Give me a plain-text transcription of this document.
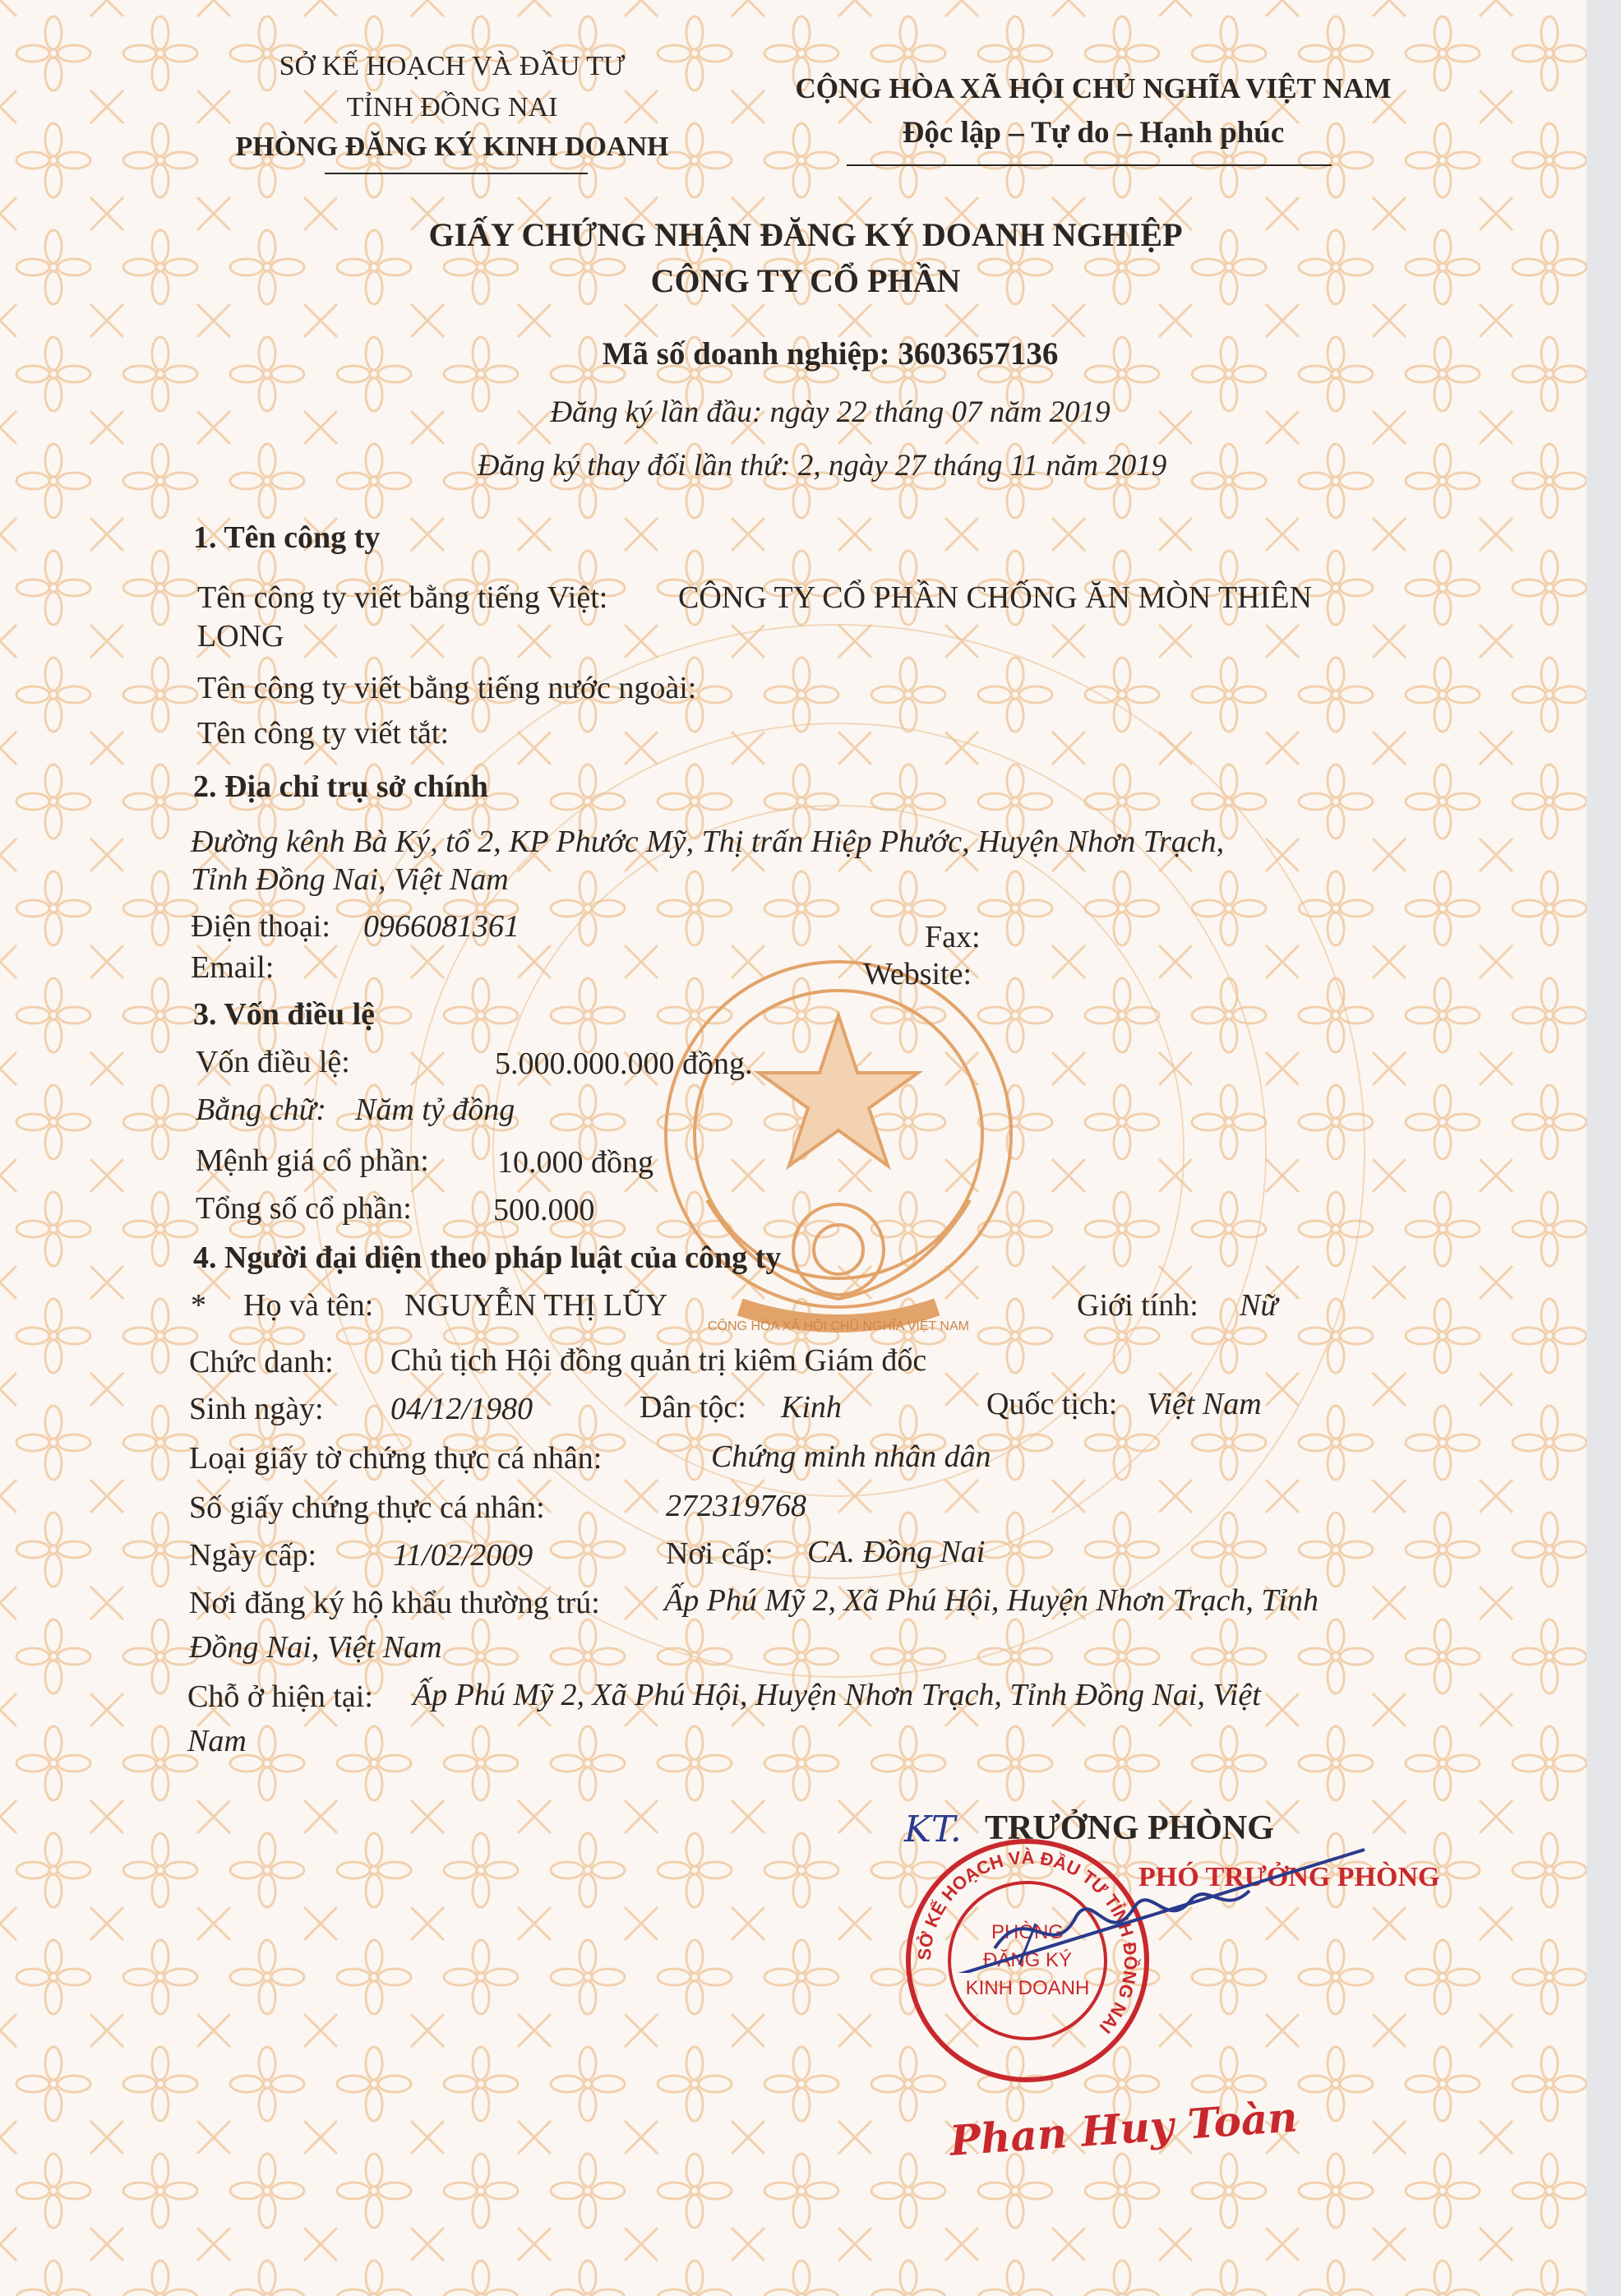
CỘNG HÒA XÃ HỘI CHỦ NGHĨA VIỆT NAM
SỞ KẾ HOẠCH VÀ ĐẦU TƯ
TỈNH ĐỒNG NAI
PHÒNG ĐĂNG KÝ KINH DOANH
CỘNG HÒA XÃ HỘI CHỦ NGHĨA VIỆT NAM
Độc lập – Tự do – Hạnh phúc
GIẤY CHỨNG NHẬN ĐĂNG KÝ DOANH NGHIỆP
CÔNG TY CỔ PHẦN
Mã số doanh nghiệp: 3603657136
Đăng ký lần đầu: ngày 22 tháng 07 năm 2019
Đăng ký thay đổi lần thứ: 2, ngày 27 tháng 11 năm 2019
1. Tên công ty
Tên công ty viết bằng tiếng Việt: CÔNG TY CỔ PHẦN CHỐNG ĂN MÒN THIÊN
LONG
Tên công ty viết bằng tiếng nước ngoài:
Tên công ty viết tắt:
2. Địa chỉ trụ sở chính
Đường kênh Bà Ký, tổ 2, KP Phước Mỹ, Thị trấn Hiệp Phước, Huyện Nhơn Trạch,
Tỉnh Đồng Nai, Việt Nam
Điện thoại: 0966081361	Fax:
Email:	Website:
3. Vốn điều lệ
Vốn điều lệ:	5.000.000.000 đồng.
Bằng chữ: Năm tỷ đồng
Mệnh giá cổ phần: 10.000 đồng
Tổng số cổ phần:	500.000
4. Người đại diện theo pháp luật của công ty
* Họ và tên: NGUYỄN THỊ LŨY	Giới tính: Nữ
Chức danh: Chủ tịch Hội đồng quản trị kiêm Giám đốc
Sinh ngày: 04/12/1980	Dân tộc: Kinh	Quốc tịch: Việt Nam
Loại giấy tờ chứng thực cá nhân:	Chứng minh nhân dân
Số giấy chứng thực cá nhân:	272319768
Ngày cấp: 11/02/2009	Nơi cấp: CA. Đồng Nai
Nơi đăng ký hộ khẩu thường trú: Ấp Phú Mỹ 2, Xã Phú Hội, Huyện Nhơn Trạch, Tỉnh
Đồng Nai, Việt Nam
Chỗ ở hiện tại: Ấp Phú Mỹ 2, Xã Phú Hội, Huyện Nhơn Trạch, Tỉnh Đồng Nai, Việt
Nam
KT. TRƯỞNG PHÒNG
PHÓ TRƯỞNG PHÒNG
SỞ KẾ HOẠCH VÀ ĐẦU TƯ TỈNH ĐỒNG NAI
PHÒNG
ĐĂNG KÝ
KINH DOANH
Phan Huy Toàn
